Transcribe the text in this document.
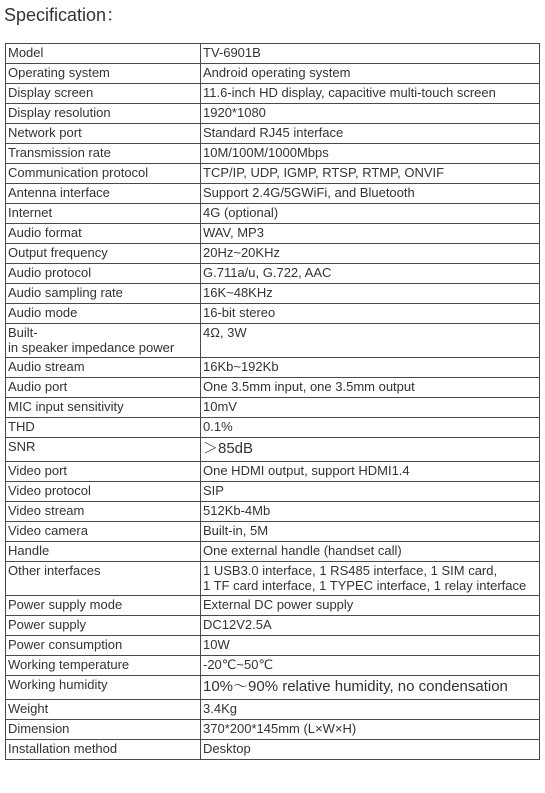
Specification：
Model	TV-6901B

Operating system	Android operating system

Display screen	11.6-inch HD display, capacitive multi-touch screen

Display resolution	1920*1080

Network port	Standard RJ45 interface

Transmission rate	10M/100M/1000Mbps

Communication protocol	TCP/IP, UDP, IGMP, RTSP, RTMP, ONVIF

Antenna interface	Support 2.4G/5GWiFi, and Bluetooth

Internet	4G (optional)

Audio format	WAV, MP3

Output frequency	20Hz~20KHz

Audio protocol	G.711a/u, G.722, AAC

Audio sampling rate	16K~48KHz

Audio mode	16-bit stereo

Built-
in speaker impedance power	4Ω, 3W

Audio stream	16Kb~192Kb

Audio port	One 3.5mm input, one 3.5mm output

MIC input sensitivity	10mV

THD	0.1%

SNR	＞85dB

Video port	One HDMI output, support HDMI1.4

Video protocol	SIP

Video stream	512Kb-4Mb

Video camera	Built-in, 5M

Handle	One external handle (handset call)

Other interfaces	1 USB3.0 interface, 1 RS485 interface, 1 SIM card,
1 TF card interface, 1 TYPEC interface, 1 relay interface

Power supply mode	External DC power supply

Power supply	DC12V2.5A

Power consumption	10W

Working temperature	-20℃~50℃

Working humidity	10%～90% relative humidity, no condensation

Weight	3.4Kg

Dimension	370*200*145mm (L×W×H)

Installation method	Desktop
